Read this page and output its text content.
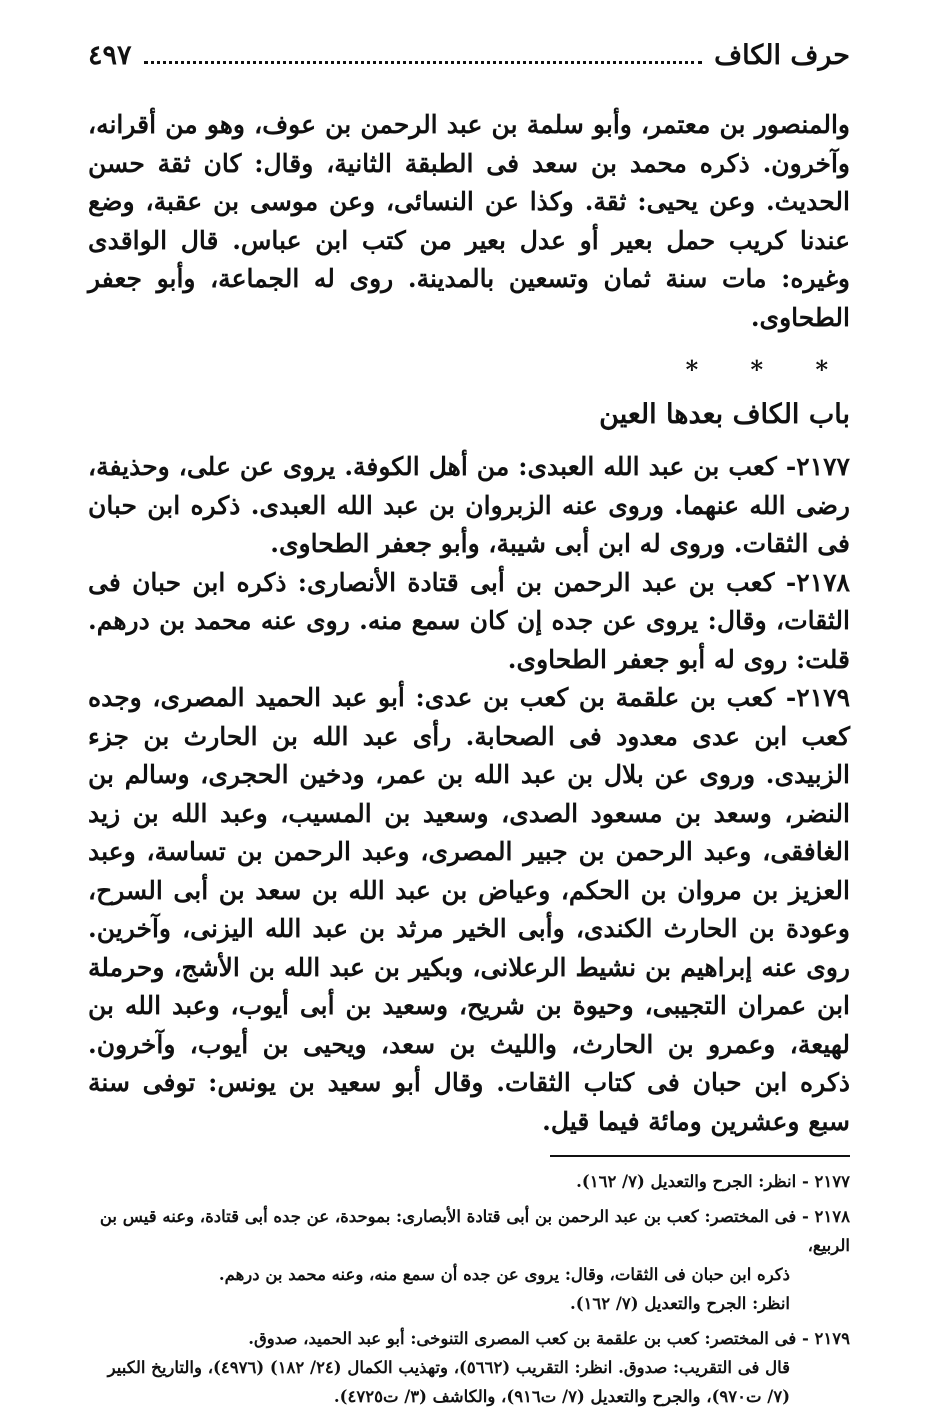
حرف الكاف
٤٩٧

والمنصور بن معتمر، وأبو سلمة بن عبد الرحمن بن عوف، وهو من أقرانه، وآخرون. ذكره محمد بن سعد فى الطبقة الثانية، وقال: كان ثقة حسن الحديث. وعن يحيى: ثقة. وكذا عن النسائى، وعن موسى بن عقبة، وضع عندنا كريب حمل بعير أو عدل بعير من كتب ابن عباس. قال الواقدى وغيره: مات سنة ثمان وتسعين بالمدينة. روى له الجماعة، وأبو جعفر الطحاوى.

* * *
باب الكاف بعدها العين

٢١٧٧- كعب بن عبد الله العبدى: من أهل الكوفة. يروى عن على، وحذيفة، رضى الله عنهما. وروى عنه الزبروان بن عبد الله العبدى. ذكره ابن حبان فى الثقات. وروى له ابن أبى شيبة، وأبو جعفر الطحاوى.

٢١٧٨- كعب بن عبد الرحمن بن أبى قتادة الأنصارى: ذكره ابن حبان فى الثقات، وقال: يروى عن جده إن كان سمع منه. روى عنه محمد بن درهم. قلت: روى له أبو جعفر الطحاوى.

٢١٧٩- كعب بن علقمة بن كعب بن عدى: أبو عبد الحميد المصرى، وجده كعب ابن عدى معدود فى الصحابة. رأى عبد الله بن الحارث بن جزء الزبيدى. وروى عن بلال بن عبد الله بن عمر، ودخين الحجرى، وسالم بن النضر، وسعد بن مسعود الصدى، وسعيد بن المسيب، وعبد الله بن زيد الغافقى، وعبد الرحمن بن جبير المصرى، وعبد الرحمن بن تساسة، وعبد العزيز بن مروان بن الحكم، وعياض بن عبد الله بن سعد بن أبى السرح، وعودة بن الحارث الكندى، وأبى الخير مرثد بن عبد الله اليزنى، وآخرين. روى عنه إبراهيم بن نشيط الرعلانى، وبكير بن عبد الله بن الأشج، وحرملة ابن عمران التجيبى، وحيوة بن شريح، وسعيد بن أبى أيوب، وعبد الله بن لهيعة، وعمرو بن الحارث، والليث بن سعد، ويحيى بن أيوب، وآخرون. ذكره ابن حبان فى كتاب الثقات. وقال أبو سعيد بن يونس: توفى سنة سبع وعشرين ومائة فيما قيل.

٢١٧٧ - انظر: الجرح والتعديل (٧/ ١٦٢).

٢١٧٨ - فى المختصر: كعب بن عبد الرحمن بن أبى قتادة الأبصارى: بموحدة، عن جده أبى قتادة، وعنه قيس بن الربيع،

ذكره ابن حبان فى الثقات، وقال: يروى عن جده أن سمع منه، وعنه محمد بن درهم.

انظر: الجرح والتعديل (٧/ ١٦٢).

٢١٧٩ - فى المختصر: كعب بن علقمة بن كعب المصرى التنوخى: أبو عبد الحميد، صدوق.

قال فى التقريب: صدوق. انظر: التقريب (٥٦٦٢)، وتهذيب الكمال (٢٤/ ١٨٢) (٤٩٧٦)، والتاريخ الكبير (٧/ ت٩٧٠)، والجرح والتعديل (٧/ ت٩١٦)، والكاشف (٣/ ت٤٧٢٥).
